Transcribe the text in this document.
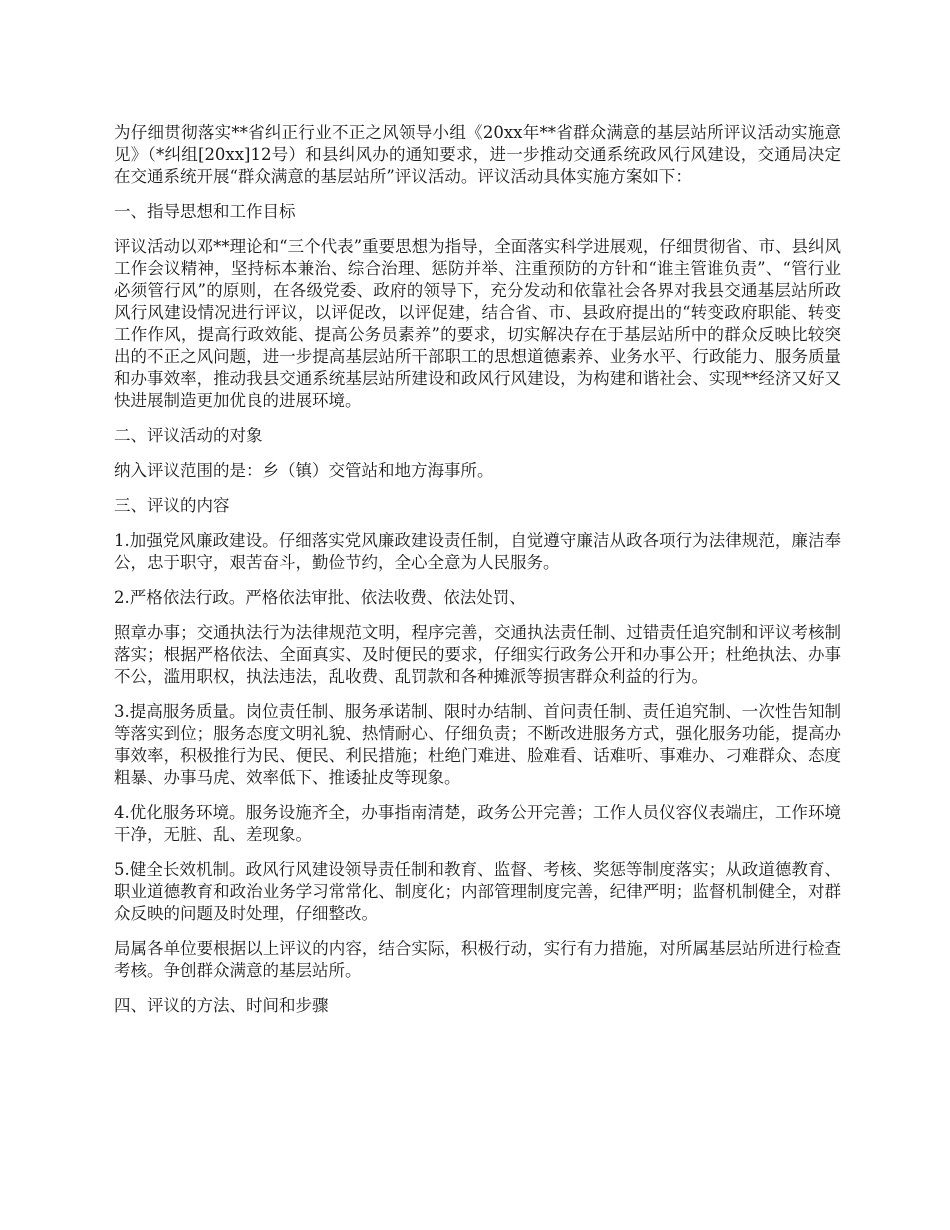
为仔细贯彻落实**省纠正行业不正之风领导小组《20xx年**省群众满意的基层站所评议活动实施意见》（*纠组[20xx]12号）和县纠风办的通知要求，进一步推动交通系统政风行风建设，交通局决定在交通系统开展“群众满意的基层站所”评议活动。评议活动具体实施方案如下：

一、指导思想和工作目标

评议活动以邓**理论和“三个代表”重要思想为指导，全面落实科学进展观，仔细贯彻省、市、县纠风工作会议精神，坚持标本兼治、综合治理、惩防并举、注重预防的方针和“谁主管谁负责”、“管行业必须管行风”的原则，在各级党委、政府的领导下，充分发动和依靠社会各界对我县交通基层站所政风行风建设情况进行评议，以评促改，以评促建，结合省、市、县政府提出的“转变政府职能、转变工作作风，提高行政效能、提高公务员素养”的要求，切实解决存在于基层站所中的群众反映比较突出的不正之风问题，进一步提高基层站所干部职工的思想道德素养、业务水平、行政能力、服务质量和办事效率，推动我县交通系统基层站所建设和政风行风建设，为构建和谐社会、实现**经济又好又快进展制造更加优良的进展环境。

二、评议活动的对象

纳入评议范围的是：乡（镇）交管站和地方海事所。

三、评议的内容

1.加强党风廉政建设。仔细落实党风廉政建设责任制，自觉遵守廉洁从政各项行为法律规范，廉洁奉公，忠于职守，艰苦奋斗，勤俭节约，全心全意为人民服务。

2.严格依法行政。严格依法审批、依法收费、依法处罚、

照章办事；交通执法行为法律规范文明，程序完善，交通执法责任制、过错责任追究制和评议考核制落实；根据严格依法、全面真实、及时便民的要求，仔细实行政务公开和办事公开；杜绝执法、办事不公，滥用职权，执法违法，乱收费、乱罚款和各种摊派等损害群众利益的行为。

3.提高服务质量。岗位责任制、服务承诺制、限时办结制、首问责任制、责任追究制、一次性告知制等落实到位；服务态度文明礼貌、热情耐心、仔细负责；不断改进服务方式，强化服务功能，提高办事效率，积极推行为民、便民、利民措施；杜绝门难进、脸难看、话难听、事难办、刁难群众、态度粗暴、办事马虎、效率低下、推诿扯皮等现象。

4.优化服务环境。服务设施齐全，办事指南清楚，政务公开完善；工作人员仪容仪表端庄，工作环境干净，无脏、乱、差现象。

5.健全长效机制。政风行风建设领导责任制和教育、监督、考核、奖惩等制度落实；从政道德教育、职业道德教育和政治业务学习常常化、制度化；内部管理制度完善，纪律严明；监督机制健全，对群众反映的问题及时处理，仔细整改。

局属各单位要根据以上评议的内容，结合实际，积极行动，实行有力措施，对所属基层站所进行检查考核。争创群众满意的基层站所。

四、评议的方法、时间和步骤
